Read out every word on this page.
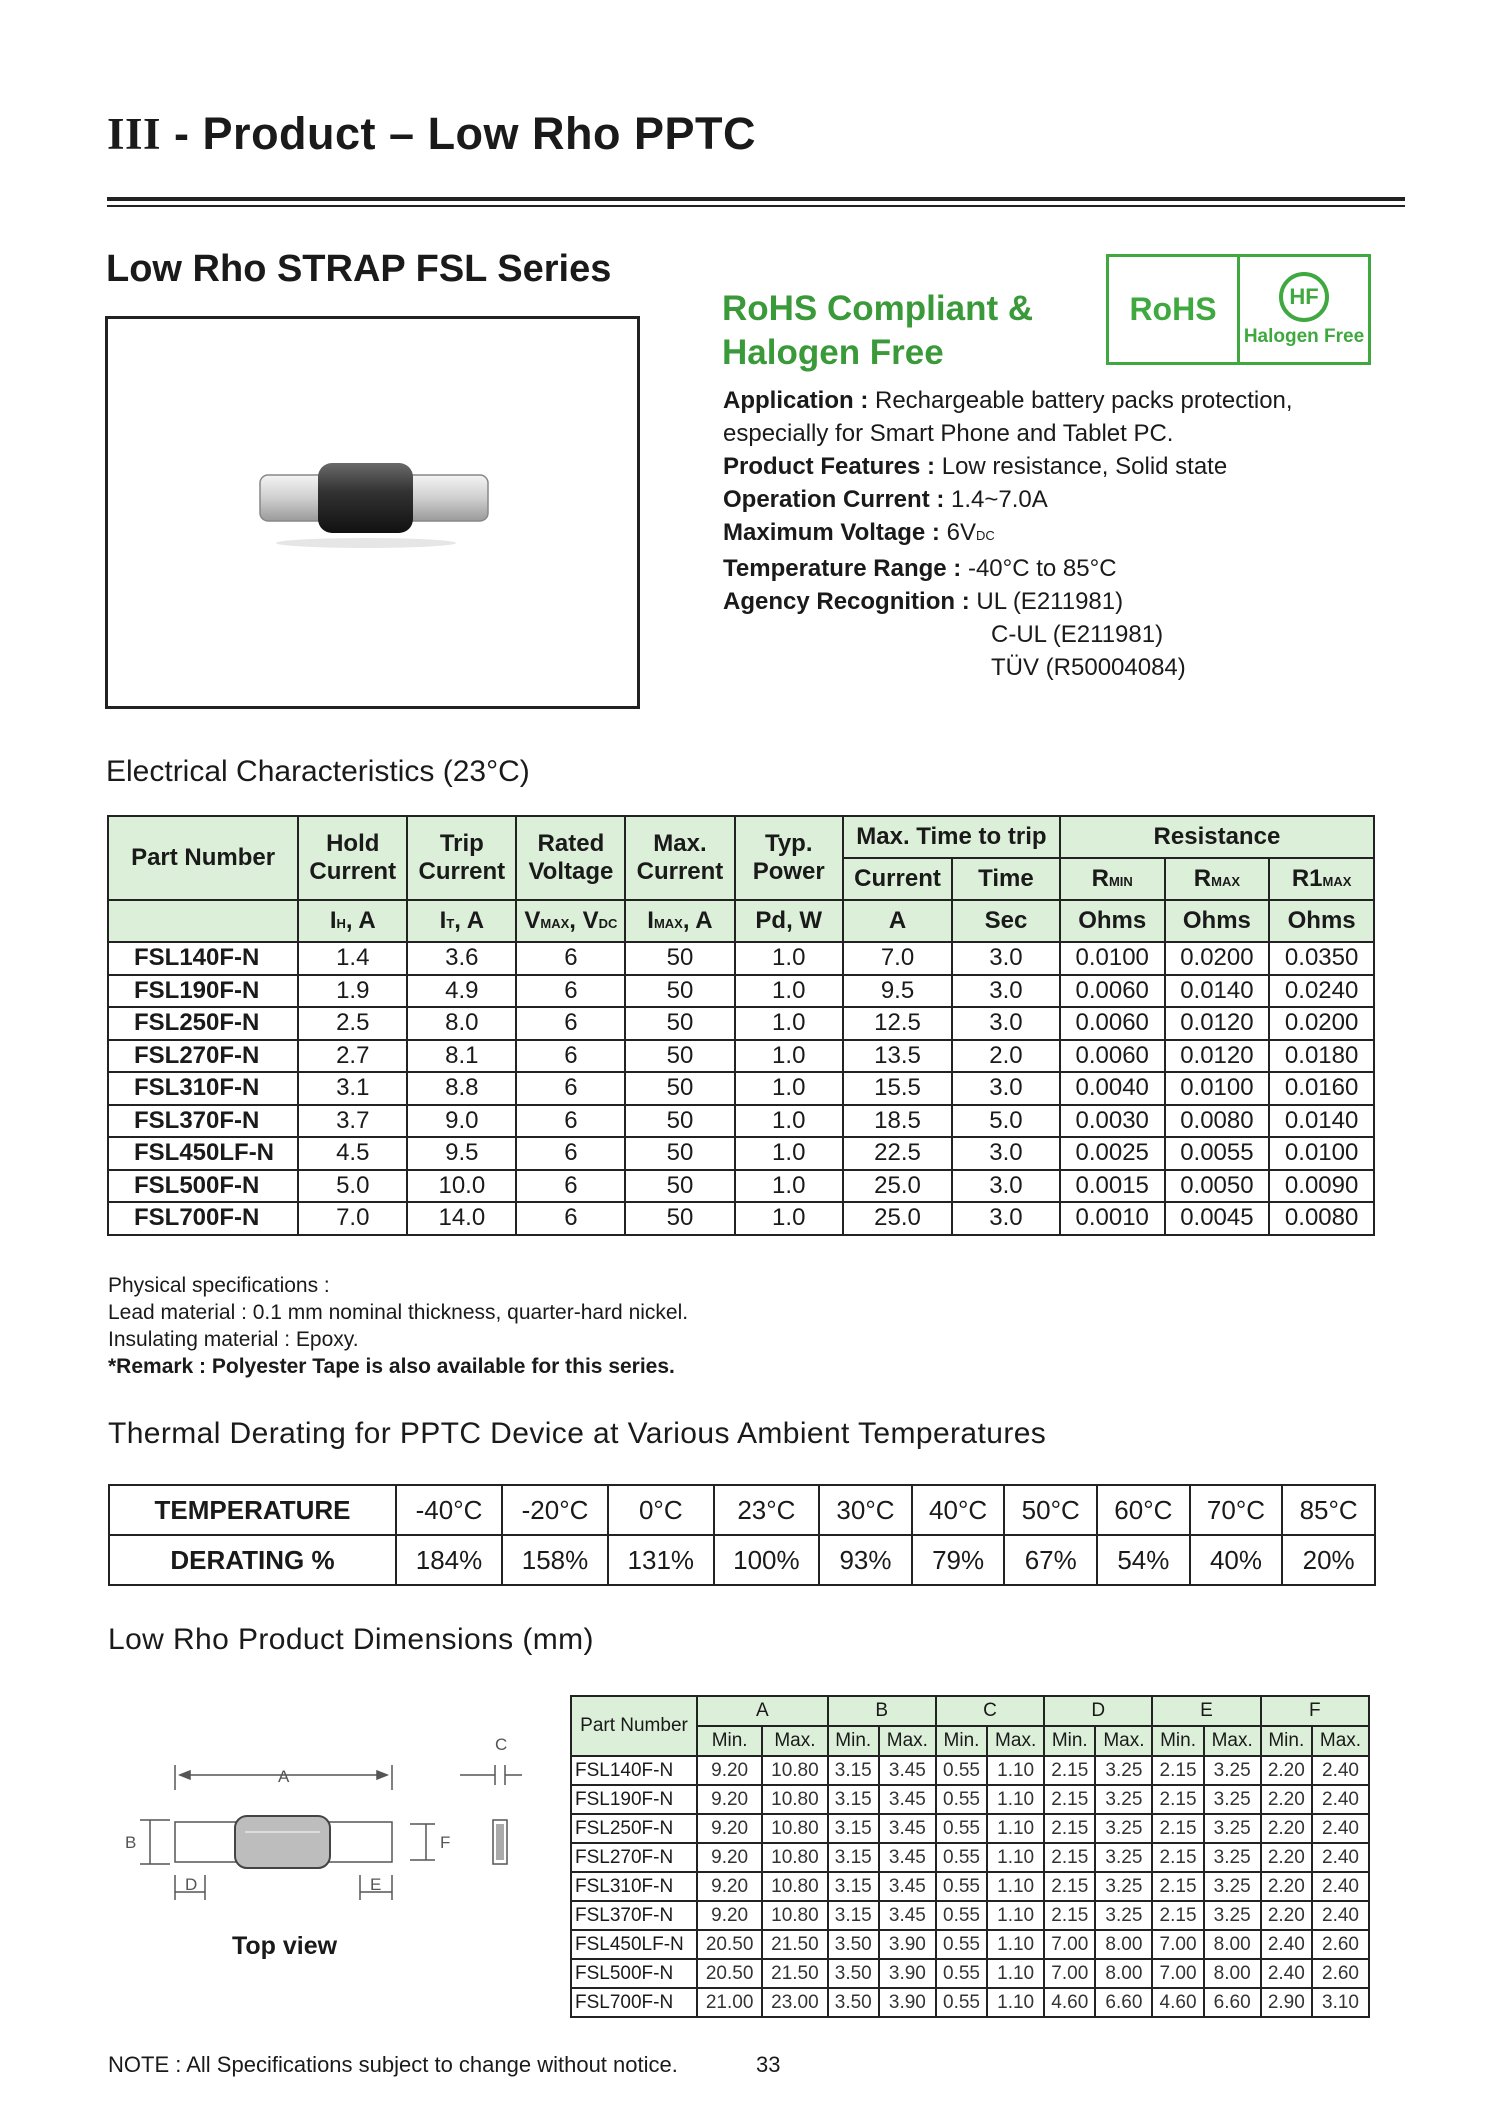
III - Product – Low Rho PPTC
Low Rho STRAP FSL Series
RoHS Compliant &
Halogen Free
RoHS	HF
Halogen Free
Application : Rechargeable battery packs protection,
especially for Smart Phone and Tablet PC.
Product Features : Low resistance, Solid state
Operation Current : 1.4~7.0A
Maximum Voltage : 6VDC
Temperature Range : -40°C to 85°C
Agency Recognition : UL (E211981)
C-UL (E211981)
TÜV (R50004084)
Electrical Characteristics (23°C)
Part Number	Hold Current	Trip Current	Rated Voltage	Max. Current	Typ. Power	Max. Time to trip		Resistance		
						Current	Time	RMIN	RMAX	R1MAX
	IH, A	IT, A	VMAX, VDC	IMAX, A	Pd, W	A	Sec	Ohms	Ohms	Ohms
FSL140F-N	1.4	3.6	6	50	1.0	7.0	3.0	0.0100	0.0200	0.0350
FSL190F-N	1.9	4.9	6	50	1.0	9.5	3.0	0.0060	0.0140	0.0240
FSL250F-N	2.5	8.0	6	50	1.0	12.5	3.0	0.0060	0.0120	0.0200
FSL270F-N	2.7	8.1	6	50	1.0	13.5	2.0	0.0060	0.0120	0.0180
FSL310F-N	3.1	8.8	6	50	1.0	15.5	3.0	0.0040	0.0100	0.0160
FSL370F-N	3.7	9.0	6	50	1.0	18.5	5.0	0.0030	0.0080	0.0140
FSL450LF-N	4.5	9.5	6	50	1.0	22.5	3.0	0.0025	0.0055	0.0100
FSL500F-N	5.0	10.0	6	50	1.0	25.0	3.0	0.0015	0.0050	0.0090
FSL700F-N	7.0	14.0	6	50	1.0	25.0	3.0	0.0010	0.0045	0.0080
Physical specifications :
Lead material : 0.1 mm nominal thickness, quarter-hard nickel.
Insulating material : Epoxy.
*Remark : Polyester Tape is also available for this series.
Thermal Derating for PPTC Device at Various Ambient Temperatures
TEMPERATURE	-40°C	-20°C	0°C	23°C	30°C	40°C	50°C	60°C	70°C	85°C
DERATING %	184%	158%	131%	100%	93%	79%	67%	54%	40%	20%
Low Rho Product Dimensions (mm)
A
B
C
D	E
F
Top view
Part Number	A		B		C		D		E		F	
	Min.	Max.	Min.	Max.	Min.	Max.	Min.	Max.	Min.	Max.	Min.	Max.
FSL140F-N	9.20	10.80	3.15	3.45	0.55	1.10	2.15	3.25	2.15	3.25	2.20	2.40
FSL190F-N	9.20	10.80	3.15	3.45	0.55	1.10	2.15	3.25	2.15	3.25	2.20	2.40
FSL250F-N	9.20	10.80	3.15	3.45	0.55	1.10	2.15	3.25	2.15	3.25	2.20	2.40
FSL270F-N	9.20	10.80	3.15	3.45	0.55	1.10	2.15	3.25	2.15	3.25	2.20	2.40
FSL310F-N	9.20	10.80	3.15	3.45	0.55	1.10	2.15	3.25	2.15	3.25	2.20	2.40
FSL370F-N	9.20	10.80	3.15	3.45	0.55	1.10	2.15	3.25	2.15	3.25	2.20	2.40
FSL450LF-N	20.50	21.50	3.50	3.90	0.55	1.10	7.00	8.00	7.00	8.00	2.40	2.60
FSL500F-N	20.50	21.50	3.50	3.90	0.55	1.10	7.00	8.00	7.00	8.00	2.40	2.60
FSL700F-N	21.00	23.00	3.50	3.90	0.55	1.10	4.60	6.60	4.60	6.60	2.90	3.10
NOTE : All Specifications subject to change without notice.	33
